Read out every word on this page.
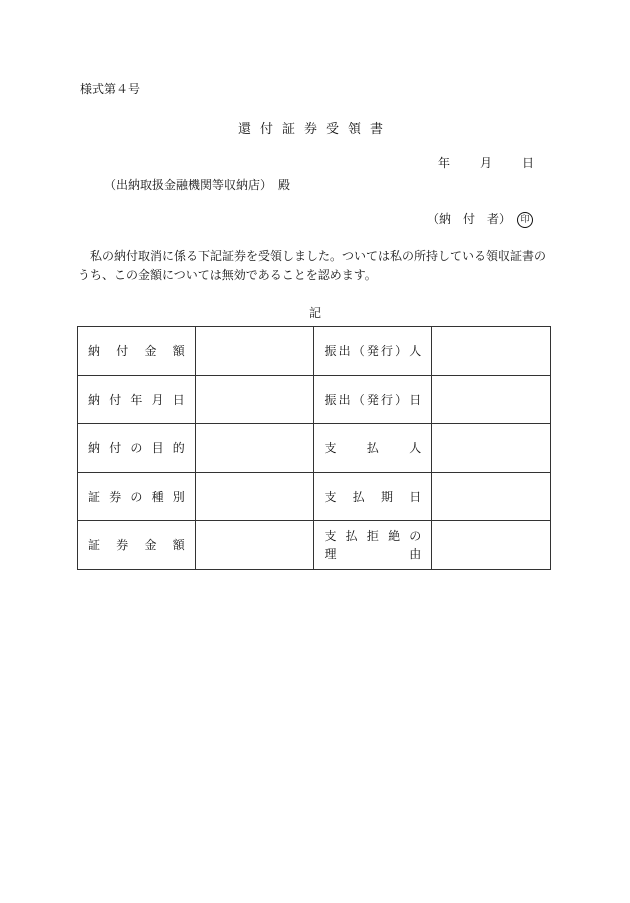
様式第４号
還付証券受領書
年	月	日
（出納取扱金融機関等収納店）　殿
（納　付　者） 印

私の納付取消に係る下記証券を受領しました。ついては私の所持している領収証書の

うち、この金額については無効であることを認めます。

記
納付金額		振出（発行）人	

納付年月日		振出（発行）日	

納付の目的		支払人	

証券の種別		支払期日	

証券金額		支払拒絶の
理由	
